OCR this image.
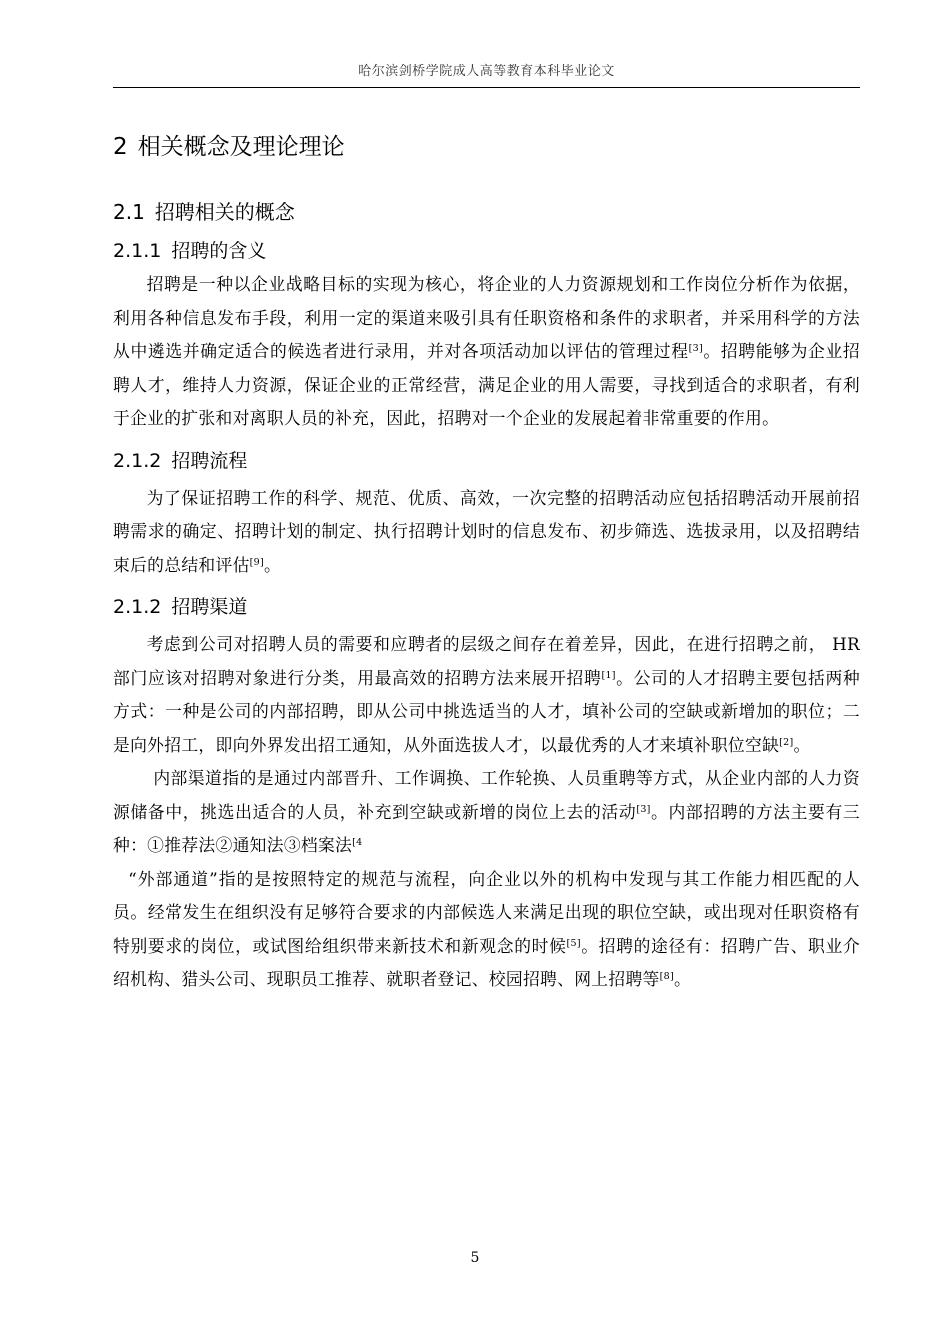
哈尔滨剑桥学院成人高等教育本科毕业论文
2 相关概念及理论理论
2.1 招聘相关的概念
2.1.1 招聘的含义

招聘是一种以企业战略目标的实现为核心，将企业的人力资源规划和工作岗位分析作为依据，利用各种信息发布手段，利用一定的渠道来吸引具有任职资格和条件的求职者，并采用科学的方法从中遴选并确定适合的候选者进行录用，并对各项活动加以评估的管理过程[3]。招聘能够为企业招聘人才，维持人力资源，保证企业的正常经营，满足企业的用人需要，寻找到适合的求职者，有利于企业的扩张和对离职人员的补充，因此，招聘对一个企业的发展起着非常重要的作用。

2.1.2 招聘流程

为了保证招聘工作的科学、规范、优质、高效，一次完整的招聘活动应包括招聘活动开展前招聘需求的确定、招聘计划的制定、执行招聘计划时的信息发布、初步筛选、选拔录用，以及招聘结束后的总结和评估[9]。

2.1.2 招聘渠道

考虑到公司对招聘人员的需要和应聘者的层级之间存在着差异，因此，在进行招聘之前， HR 部门应该对招聘对象进行分类，用最高效的招聘方法来展开招聘[1]。公司的人才招聘主要包括两种方式：一种是公司的内部招聘，即从公司中挑选适当的人才，填补公司的空缺或新增加的职位；二是向外招工，即向外界发出招工通知，从外面选拔人才，以最优秀的人才来填补职位空缺[2]。

内部渠道指的是通过内部晋升、工作调换、工作轮换、人员重聘等方式，从企业内部的人力资源储备中，挑选出适合的人员，补充到空缺或新增的岗位上去的活动[3]。内部招聘的方法主要有三种：①推荐法②通知法③档案法$^{[4}$

“外部通道”指的是按照特定的规范与流程，向企业以外的机构中发现与其工作能力相匹配的人员。经常发生在组织没有足够符合要求的内部候选人来满足出现的职位空缺，或出现对任职资格有特别要求的岗位，或试图给组织带来新技术和新观念的时候[5]。招聘的途径有：招聘广告、职业介绍机构、猎头公司、现职员工推荐、就职者登记、校园招聘、网上招聘等[8]。

5
